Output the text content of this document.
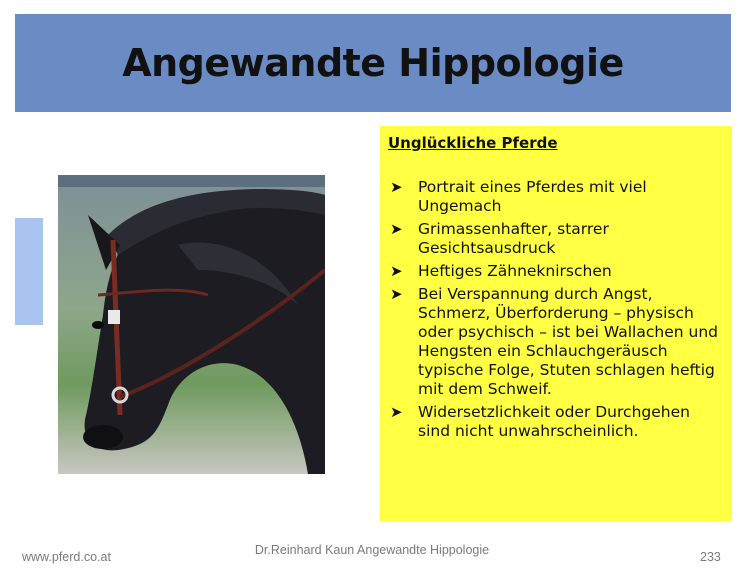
Angewandte Hippologie
Unglückliche Pferde
➤ Portrait eines Pferdes mit viel Ungemach
➤ Grimassenhafter, starrer Gesichtsausdruck
➤ Heftiges Zähneknirschen
➤ Bei Verspannung durch Angst, Schmerz, Überforderung – physisch oder psychisch – ist bei Wallachen und Hengsten ein Schlauchgeräusch typische Folge, Stuten schlagen heftig mit dem Schweif.
➤ Widersetzlichkeit oder Durchgehen sind nicht unwahrscheinlich.
www.pferd.co.at	Dr.Reinhard Kaun Angewandte Hippologie	233
